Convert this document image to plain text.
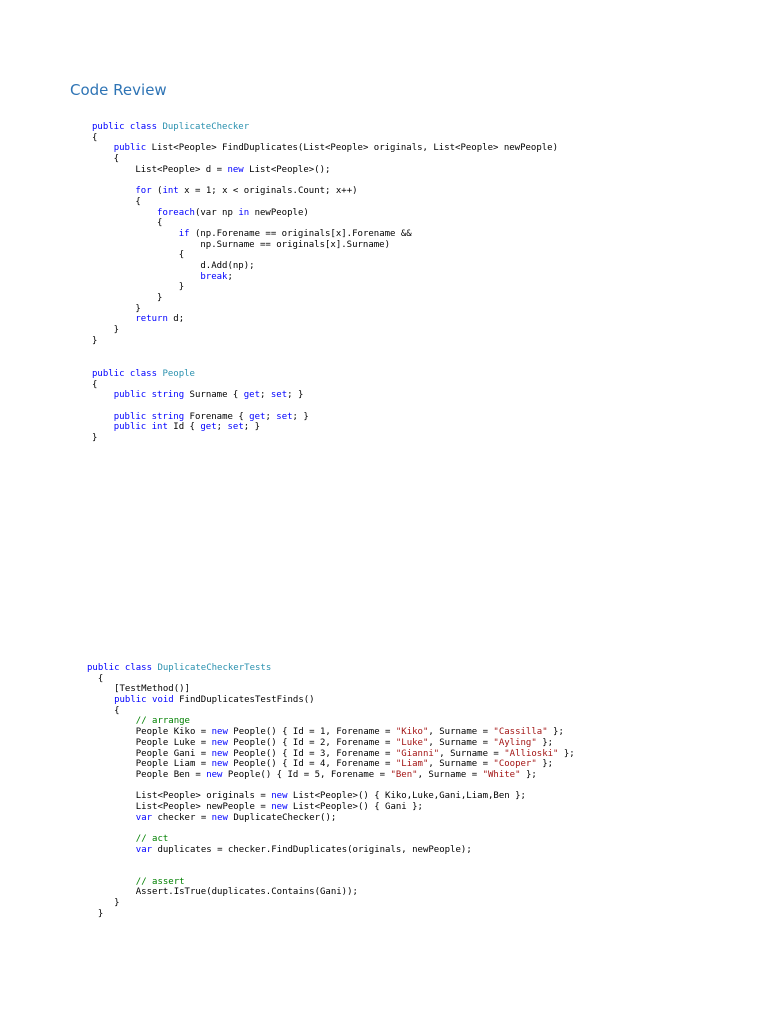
Code Review
public class DuplicateChecker
{
public List<People> FindDuplicates(List<People> originals, List<People> newPeople)
{
List<People> d = new List<People>();
for (int x = 1; x < originals.Count; x++)
{
foreach(var np in newPeople)
{
if (np.Forename == originals[x].Forename &&
np.Surname == originals[x].Surname)
{
d.Add(np);
break;
}
}
}
return d;
}
}
public class People
{
public string Surname { get; set; }
public string Forename { get; set; }
public int Id { get; set; }
}
public class DuplicateCheckerTests
{
[TestMethod()]
public void FindDuplicatesTestFinds()
{
// arrange
People Kiko = new People() { Id = 1, Forename = "Kiko", Surname = "Cassilla" };
People Luke = new People() { Id = 2, Forename = "Luke", Surname = "Ayling" };
People Gani = new People() { Id = 3, Forename = "Gianni", Surname = "Allioski" };
People Liam = new People() { Id = 4, Forename = "Liam", Surname = "Cooper" };
People Ben = new People() { Id = 5, Forename = "Ben", Surname = "White" };
List<People> originals = new List<People>() { Kiko,Luke,Gani,Liam,Ben };
List<People> newPeople = new List<People>() { Gani };
var checker = new DuplicateChecker();
// act
var duplicates = checker.FindDuplicates(originals, newPeople);
// assert
Assert.IsTrue(duplicates.Contains(Gani));
}
}
